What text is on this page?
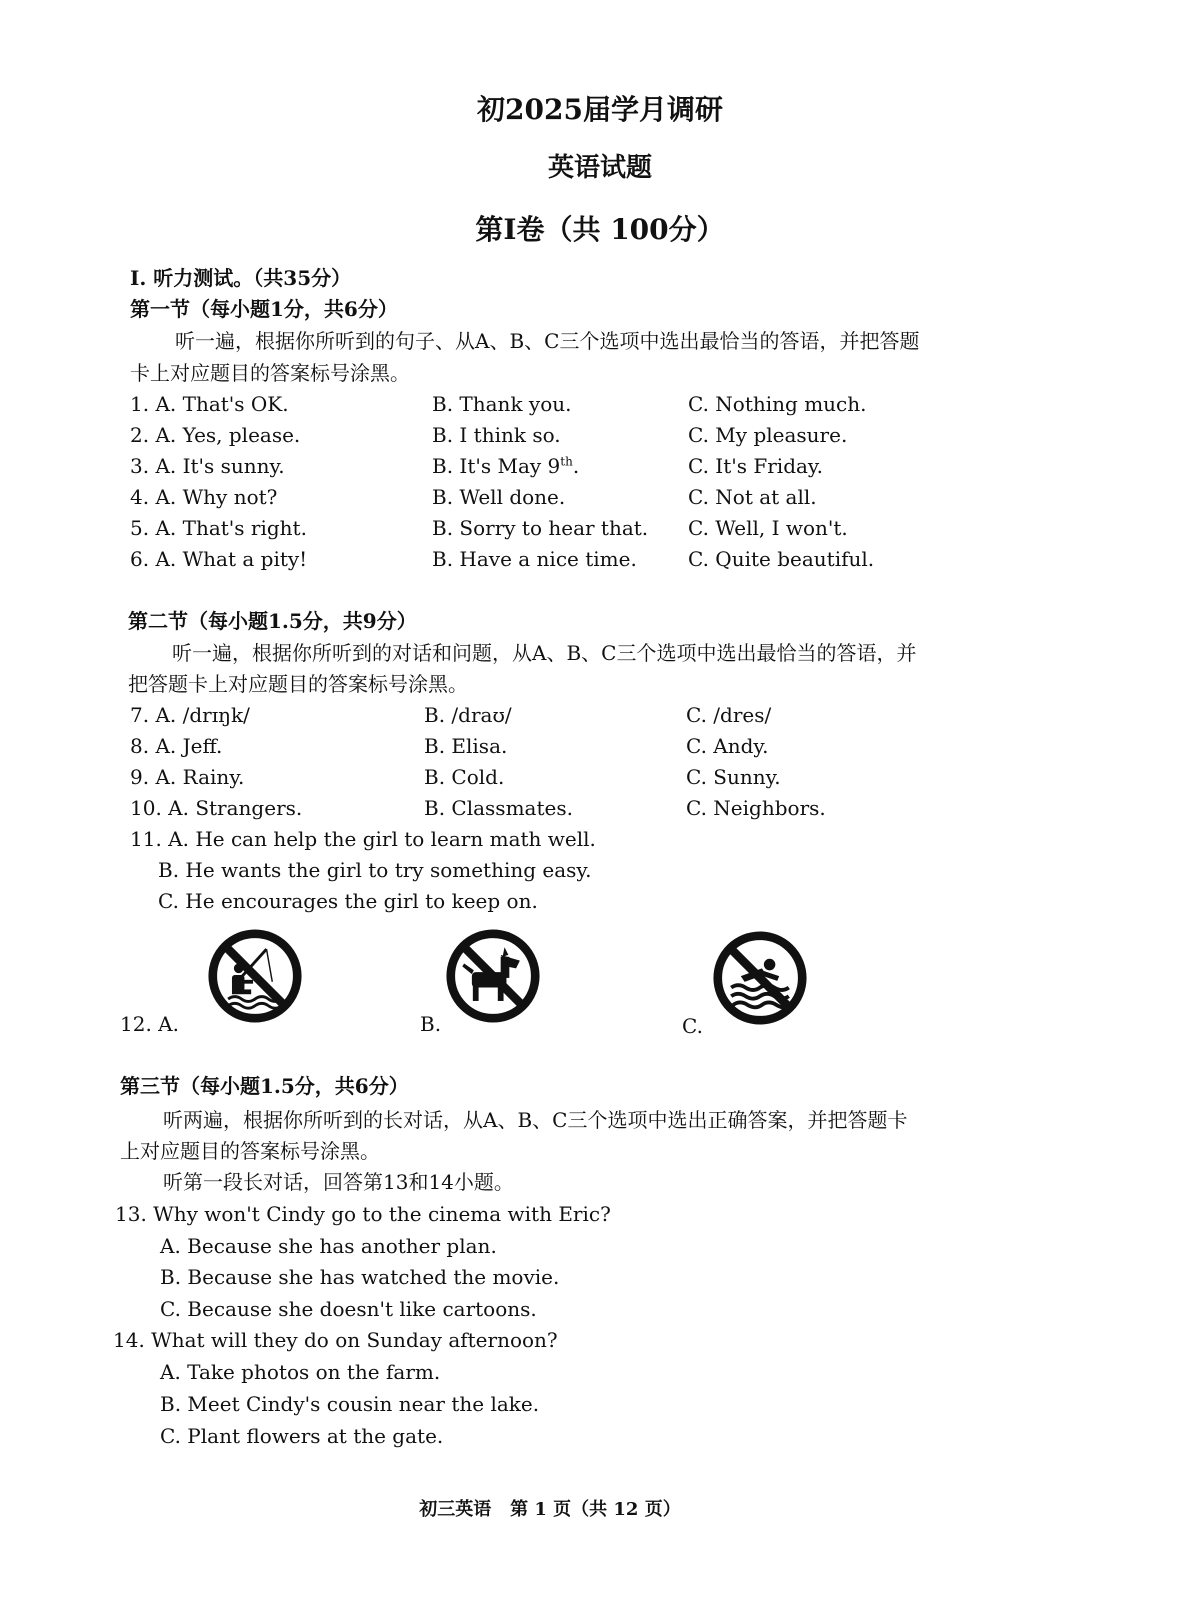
初2025届学月调研
英语试题
第I卷（共 100分）
I. 听力测试。（共35分）
第一节（每小题1分，共6分）
听一遍，根据你所听到的句子、从A、B、C三个选项中选出最恰当的答语，并把答题
卡上对应题目的答案标号涂黑。
1. A. That's OK.	B. Thank you.	C. Nothing much.
2. A. Yes, please.	B. I think so.	C. My pleasure.
3. A. It's sunny.	B. It's May 9th.	C. It's Friday.
4. A. Why not?	B. Well done.	C. Not at all.
5. A. That's right.	B. Sorry to hear that. C. Well, I won't.
6. A. What a pity!	B. Have a nice time.	C. Quite beautiful.
第二节（每小题1.5分，共9分）
听一遍，根据你所听到的对话和问题，从A、B、C三个选项中选出最恰当的答语，并
把答题卡上对应题目的答案标号涂黑。
7. A. /drɪŋk/	B. /draʊ/	C. /dres/
8. A. Jeff.	B. Elisa.	C. Andy.
9. A. Rainy.	B. Cold.	C. Sunny.
10. A. Strangers.	B. Classmates.	C. Neighbors.
11. A. He can help the girl to learn math well.
B. He wants the girl to try something easy.
C. He encourages the girl to keep on.
12. A.	B.	C.
第三节（每小题1.5分，共6分）
听两遍，根据你所听到的长对话，从A、B、C三个选项中选出正确答案，并把答题卡
上对应题目的答案标号涂黑。
听第一段长对话，回答第13和14小题。
13. Why won't Cindy go to the cinema with Eric?
A. Because she has another plan.
B. Because she has watched the movie.
C. Because she doesn't like cartoons.
14. What will they do on Sunday afternoon?
A. Take photos on the farm.
B. Meet Cindy's cousin near the lake.
C. Plant flowers at the gate.
初三英语   第 1 页（共 12 页）
